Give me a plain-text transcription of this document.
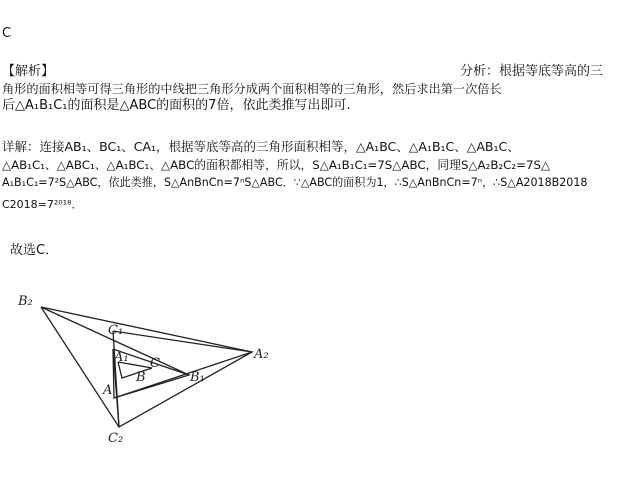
C
【解析】	分析：根据等底等高的三
角形的面积相等可得三角形的中线把三角形分成两个面积相等的三角形，然后求出第一次倍长
后△A₁B₁C₁的面积是△ABC的面积的7倍，依此类推写出即可.
详解：连接AB₁、BC₁、CA₁，根据等底等高的三角形面积相等，△A₁BC、△A₁B₁C、△AB₁C、
△AB₁C₁、△ABC₁、△A₁BC₁、△ABC的面积都相等，所以，S△A₁B₁C₁=7S△ABC，同理S△A₂B₂C₂=7S△
A₁B₁C₁=7²S△ABC，依此类推，S△AnBnCn=7ⁿS△ABC．∵△ABC的面积为1，∴S△AnBnCn=7ⁿ，∴S△A2018B2018
C2018=7²⁰¹⁸．
故选C．
B₂
C₁
A₁ C
B	B₁
A₂
A
C₂
